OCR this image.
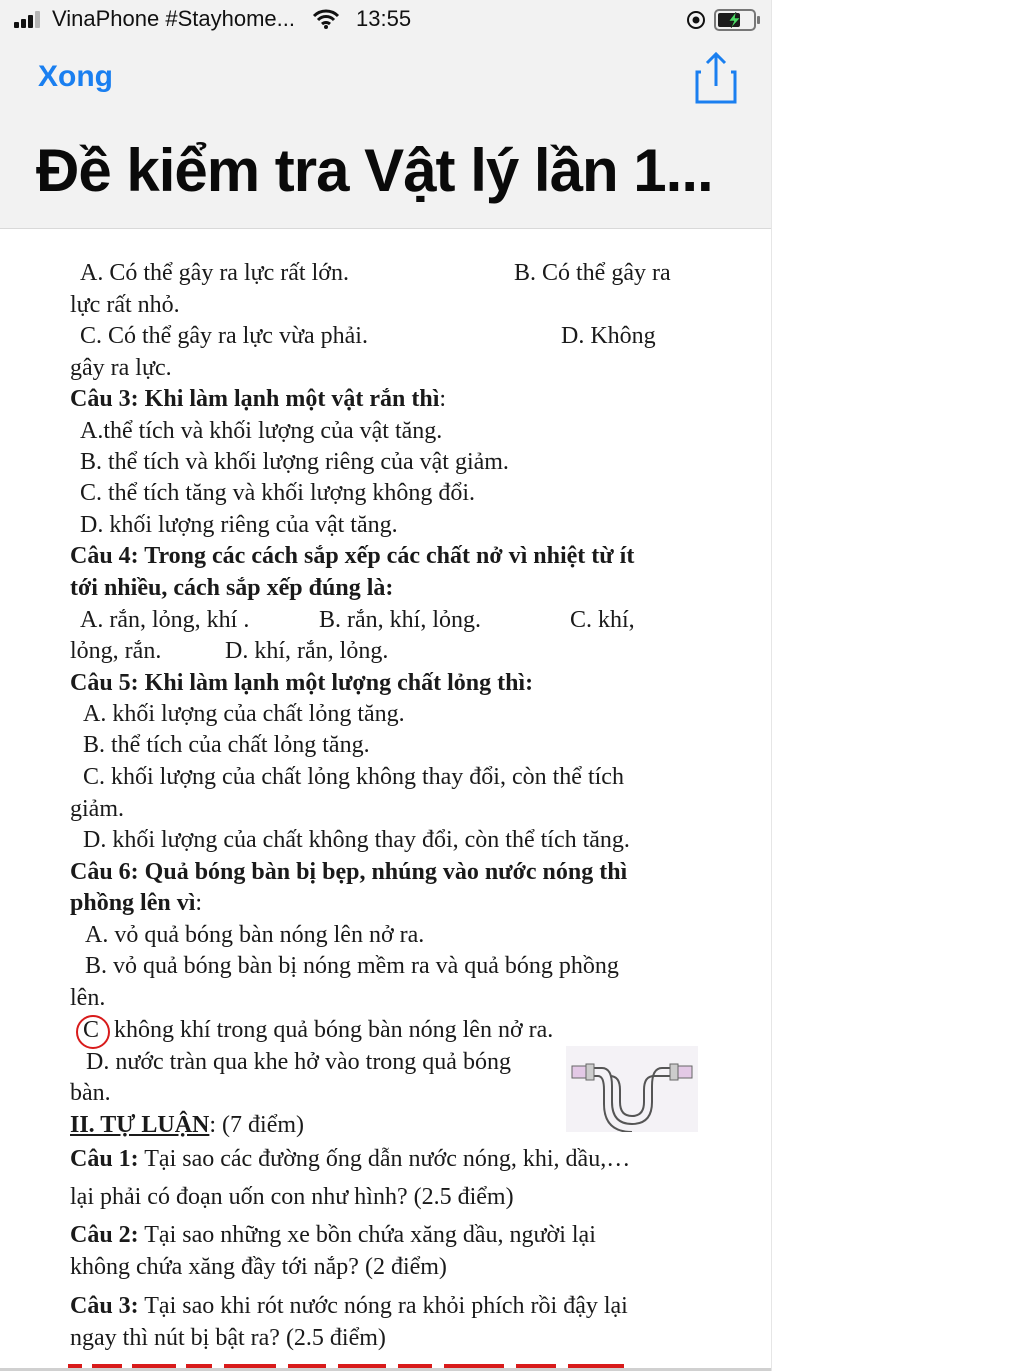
VinaPhone #Stayhome...	13:55
Xong
Đề kiểm tra Vật lý lần 1...
A. Có thể gây ra lực rất lớn.	B. Có thể gây ra
lực rất nhỏ.
C. Có thể gây ra lực vừa phải.	D. Không
gây ra lực.
Câu 3: Khi làm lạnh một vật rắn thì:
A.thể tích và khối lượng của vật tăng.
B. thể tích và khối lượng riêng của vật giảm.
C. thể tích tăng và khối lượng không đổi.
D. khối lượng riêng của vật tăng.
Câu 4: Trong các cách sắp xếp các chất nở vì nhiệt từ ít
tới nhiều, cách sắp xếp đúng là:
A. rắn, lỏng, khí .	B. rắn, khí, lỏng.	C. khí,
lỏng, rắn.	D. khí, rắn, lỏng.
Câu 5: Khi làm lạnh một lượng chất lỏng thì:
A. khối lượng của chất lỏng tăng.
B. thể tích của chất lỏng tăng.
C. khối lượng của chất lỏng không thay đổi, còn thể tích
giảm.
D. khối lượng của chất không thay đổi, còn thể tích tăng.
Câu 6: Quả bóng bàn bị bẹp, nhúng vào nước nóng thì
phồng lên vì:
A. vỏ quả bóng bàn nóng lên nở ra.
B. vỏ quả bóng bàn bị nóng mềm ra và quả bóng phồng
lên.
C không khí trong quả bóng bàn nóng lên nở ra.
D. nước tràn qua khe hở vào trong quả bóng
bàn.
II. TỰ LUẬN: (7 điểm)
Câu 1: Tại sao các đường ống dẫn nước nóng, khi, dầu,…
lại phải có đoạn uốn con như hình? (2.5 điểm)
Câu 2: Tại sao những xe bồn chứa xăng dầu, người lại
không chứa xăng đầy tới nắp? (2 điểm)
Câu 3: Tại sao khi rót nước nóng ra khỏi phích rồi đậy lại
ngay thì nút bị bật ra? (2.5 điểm)
